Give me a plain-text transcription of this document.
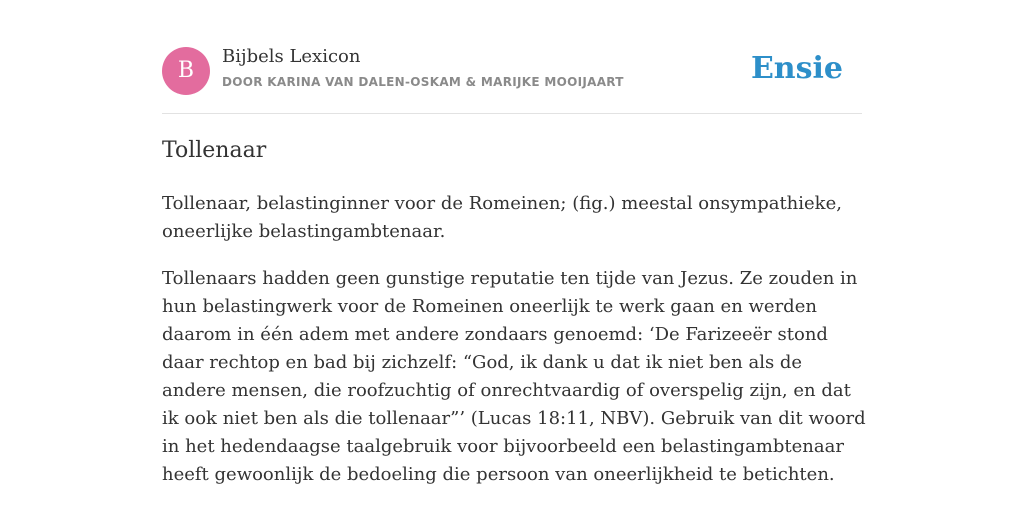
B
Bijbels Lexicon
DOOR KARINA VAN DALEN-OSKAM & MARIJKE MOOIJAART	Ensie
Tollenaar

Tollenaar, belastinginner voor de Romeinen; (fig.) meestal onsympathieke, oneerlijke belastingambtenaar.

Tollenaars hadden geen gunstige reputatie ten tijde van Jezus. Ze zouden in hun belastingwerk voor de Romeinen oneerlijk te werk gaan en werden daarom in één adem met andere zondaars genoemd: ‘De Farizeeër stond daar rechtop en bad bij zichzelf: “God, ik dank u dat ik niet ben als de andere mensen, die roofzuchtig of onrechtvaardig of overspelig zijn, en dat ik ook niet ben als die tollenaar”’ (Lucas 18:11, NBV). Gebruik van dit woord in het hedendaagse taalgebruik voor bijvoorbeeld een belastingambtenaar heeft gewoonlijk de bedoeling die persoon van oneerlijkheid te betichten.
